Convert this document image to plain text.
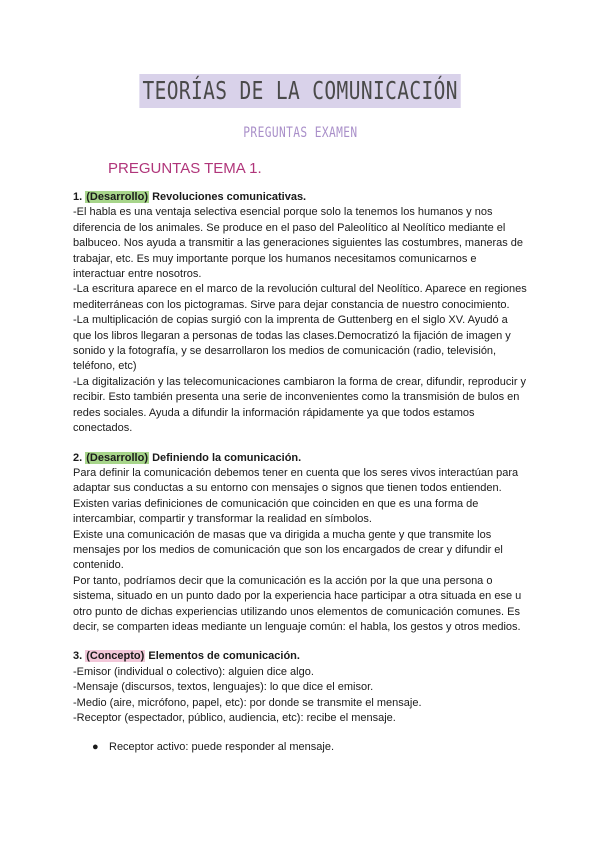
TEORÍAS DE LA COMUNICACIÓN
PREGUNTAS EXAMEN
PREGUNTAS TEMA 1.
1. (Desarrollo) Revoluciones comunicativas.
-El habla es una ventaja selectiva esencial porque solo la tenemos los humanos y nos diferencia de los animales. Se produce en el paso del Paleolítico al Neolítico mediante el balbuceo. Nos ayuda a transmitir a las generaciones siguientes las costumbres, maneras de trabajar, etc. Es muy importante porque los humanos necesitamos comunicarnos e interactuar entre nosotros.
-La escritura aparece en el marco de la revolución cultural del Neolítico. Aparece en regiones mediterráneas con los pictogramas. Sirve para dejar constancia de nuestro conocimiento.
-La multiplicación de copias surgió con la imprenta de Guttenberg en el siglo XV. Ayudó a que los libros llegaran a personas de todas las clases.Democratizó la fijación de imagen y sonido y la fotografía, y se desarrollaron los medios de comunicación (radio, televisión, teléfono, etc)
-La digitalización y las telecomunicaciones cambiaron la forma de crear, difundir, reproducir y recibir. Esto también presenta una serie de inconvenientes como la transmisión de bulos en redes sociales. Ayuda a difundir la información rápidamente ya que todos estamos conectados.
2. (Desarrollo) Definiendo la comunicación.
Para definir la comunicación debemos tener en cuenta que los seres vivos interactúan para adaptar sus conductas a su entorno con mensajes o signos que tienen todos entienden.
Existen varias definiciones de comunicación que coinciden en que es una forma de intercambiar, compartir y transformar la realidad en símbolos.
Existe una comunicación de masas que va dirigida a mucha gente y que transmite los mensajes por los medios de comunicación que son los encargados de crear y difundir el contenido.
Por tanto, podríamos decir que la comunicación es la acción por la que una persona o sistema, situado en un punto dado por la experiencia hace participar a otra situada en ese u otro punto de dichas experiencias utilizando unos elementos de comunicación comunes. Es decir, se comparten ideas mediante un lenguaje común: el habla, los gestos y otros medios.
3. (Concepto) Elementos de comunicación.
-Emisor (individual o colectivo): alguien dice algo.
-Mensaje (discursos, textos, lenguajes): lo que dice el emisor.
-Medio (aire, micrófono, papel, etc): por donde se transmite el mensaje.
-Receptor (espectador, público, audiencia, etc): recibe el mensaje.
● Receptor activo: puede responder al mensaje.
